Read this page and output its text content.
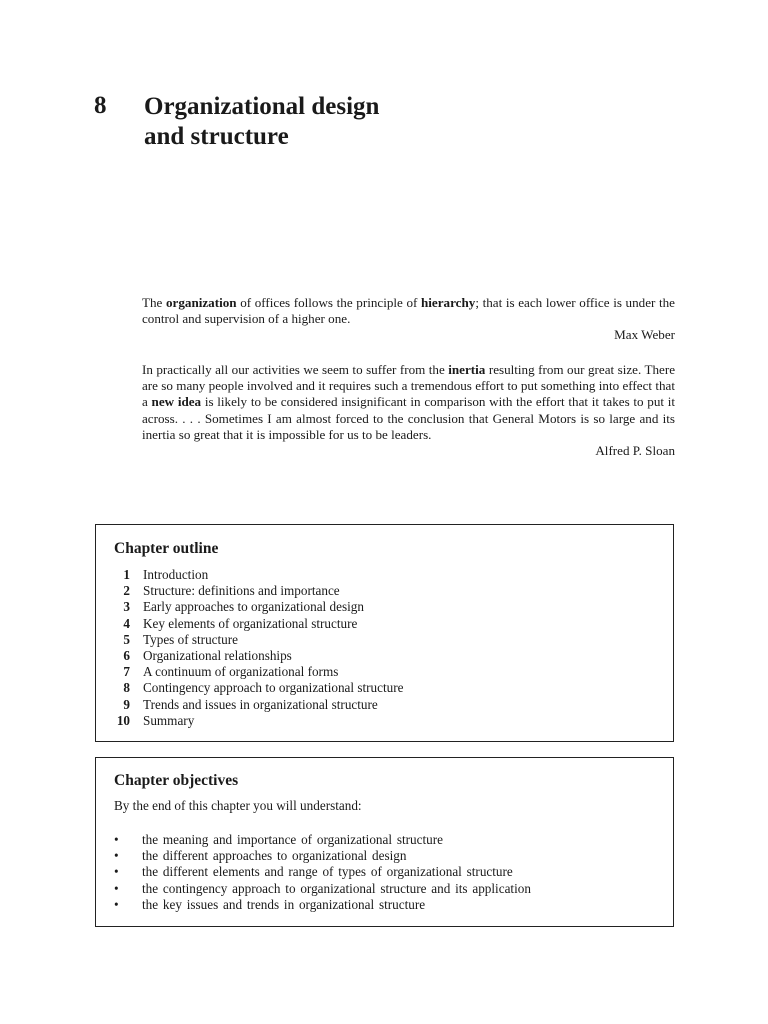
8 Organizational design
and structure
The organization of offices follows the principle of hierarchy; that is each lower office is under the control and supervision of a higher one.
Max Weber
In practically all our activities we seem to suffer from the inertia resulting from our great size. There are so many people involved and it requires such a tremendous effort to put something into effect that a new idea is likely to be considered insignificant in comparison with the effort that it takes to put it across. . . . Sometimes I am almost forced to the conclusion that General Motors is so large and its inertia so great that it is impossible for us to be leaders.
Alfred P. Sloan
Chapter outline
1 Introduction
2 Structure: definitions and importance
3 Early approaches to organizational design
4 Key elements of organizational structure
5 Types of structure
6 Organizational relationships
7 A continuum of organizational forms
8 Contingency approach to organizational structure
9 Trends and issues in organizational structure
10 Summary
Chapter objectives
By the end of this chapter you will understand:
•	the meaning and importance of organizational structure
•	the different approaches to organizational design
•	the different elements and range of types of organizational structure
•	the contingency approach to organizational structure and its application
•	the key issues and trends in organizational structure
